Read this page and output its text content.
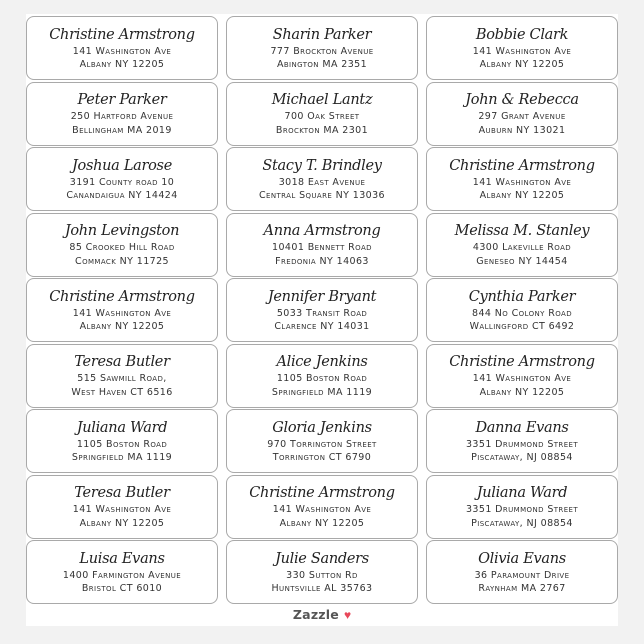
Christine Armstrong
141 Washington Ave
Albany NY 12205
Sharin Parker
777 Brockton Avenue
Abington MA 2351
Bobbie Clark
141 Washington Ave
Albany NY 12205
Peter Parker
250 Hartford Avenue
Bellingham MA 2019
Michael Lantz
700 Oak Street
Brockton MA 2301
John & Rebecca
297 Grant Avenue
Auburn NY 13021
Joshua Larose
3191 County road 10
Canandaigua NY 14424
Stacy T. Brindley
3018 East Avenue
Central Square NY 13036
Christine Armstrong
141 Washington Ave
Albany NY 12205
John Levingston
85 Crooked Hill Road
Commack NY 11725
Anna Armstrong
10401 Bennett Road
Fredonia NY 14063
Melissa M. Stanley
4300 Lakeville Road
Geneseo NY 14454
Christine Armstrong
141 Washington Ave
Albany NY 12205
Jennifer Bryant
5033 Transit Road
Clarence NY 14031
Cynthia Parker
844 No Colony Road
Wallingford CT 6492
Teresa Butler
515 Sawmill Road,
West Haven CT 6516
Alice Jenkins
1105 Boston Road
Springfield MA 1119
Christine Armstrong
141 Washington Ave
Albany NY 12205
Juliana Ward
1105 Boston Road
Springfield MA 1119
Gloria Jenkins
970 Torrington Street
Torrington CT 6790
Danna Evans
3351 Drummond Street
Piscataway, NJ 08854
Teresa Butler
141 Washington Ave
Albany NY 12205
Christine Armstrong
141 Washington Ave
Albany NY 12205
Juliana Ward
3351 Drummond Street
Piscataway, NJ 08854
Luisa Evans
1400 Farmington Avenue
Bristol CT 6010
Julie Sanders
330 Sutton Rd
Huntsville AL 35763
Olivia Evans
36 Paramount Drive
Raynham MA 2767
Zazzle ♥
